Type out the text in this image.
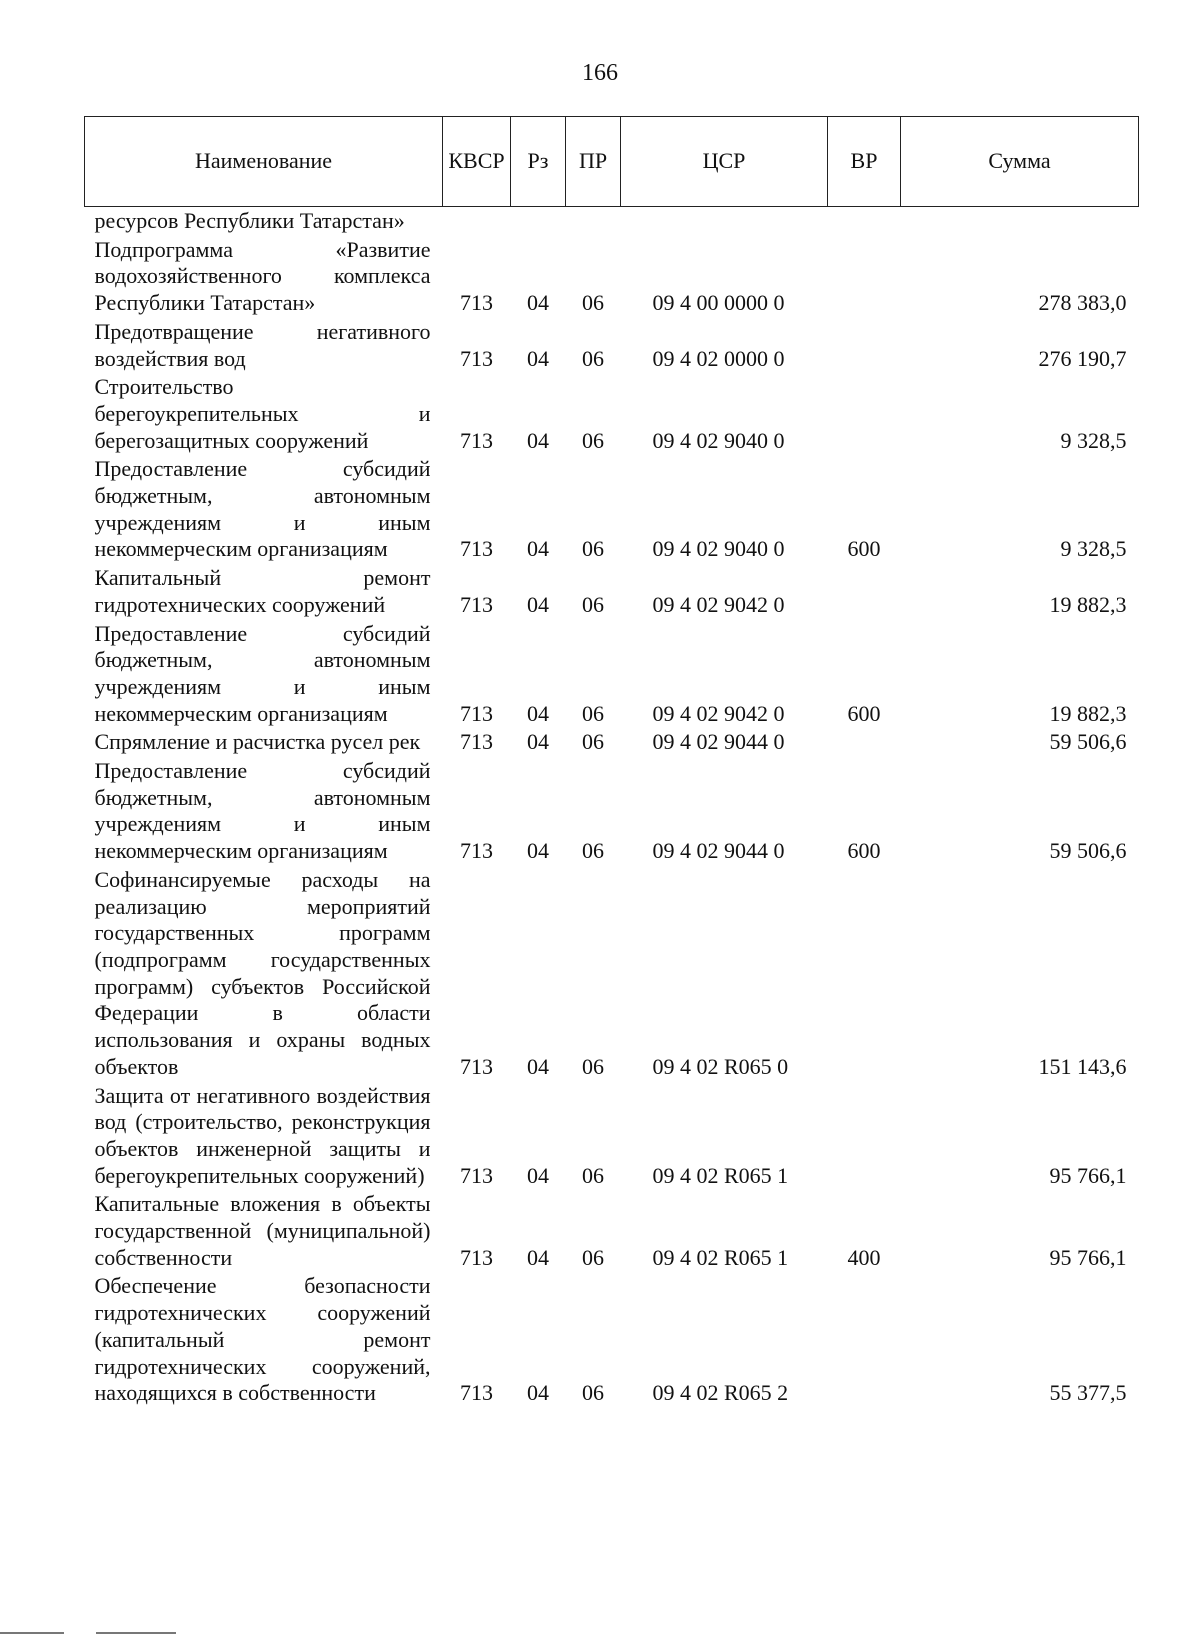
166
Наименование	КВСР	Рз	ПР	ЦСР	ВР	Сумма
ресурсов Республики Татарстан»						
Подпрограмма «Развитие водохозяйственного комплекса Республики Татарстан»	713	04	06	09 4 00 0000 0		278 383,0
Предотвращение негативного воздействия вод	713	04	06	09 4 02 0000 0		276 190,7
Строительство берегоукрепительных и берегозащитных сооружений	713	04	06	09 4 02 9040 0		9 328,5
Предоставление субсидий бюджетным, автономным учреждениям и иным некоммерческим организациям	713	04	06	09 4 02 9040 0	600	9 328,5
Капитальный ремонт гидротехнических сооружений	713	04	06	09 4 02 9042 0		19 882,3
Предоставление субсидий бюджетным, автономным учреждениям и иным некоммерческим организациям	713	04	06	09 4 02 9042 0	600	19 882,3
Спрямление и расчистка русел рек	713	04	06	09 4 02 9044 0		59 506,6
Предоставление субсидий бюджетным, автономным учреждениям и иным некоммерческим организациям	713	04	06	09 4 02 9044 0	600	59 506,6
Софинансируемые расходы на реализацию мероприятий государственных программ (подпрограмм государственных программ) субъектов Российской Федерации в области использования и охраны водных объектов	713	04	06	09 4 02 R065 0		151 143,6
Защита от негативного воздействия вод (строительство, реконструкция объектов инженерной защиты и берегоукрепительных сооружений)	713	04	06	09 4 02 R065 1		95 766,1
Капитальные вложения в объекты государственной (муниципальной) собственности	713	04	06	09 4 02 R065 1	400	95 766,1
Обеспечение безопасности гидротехнических сооружений (капитальный ремонт гидротехнических сооружений, находящихся в собственности	713	04	06	09 4 02 R065 2		55 377,5
